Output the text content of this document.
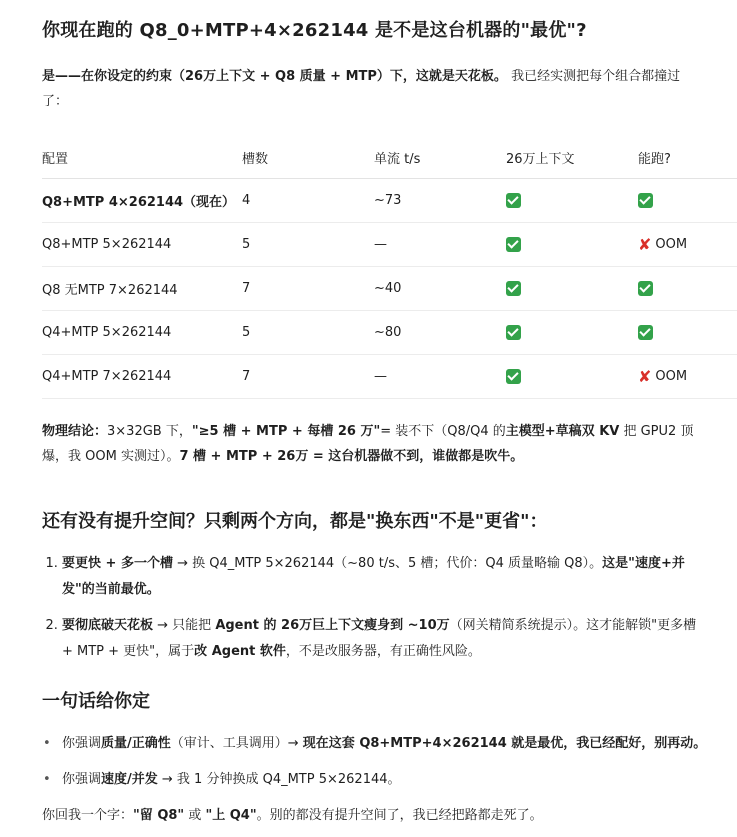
你现在跑的 Q8_0+MTP+4×262144 是不是这台机器的"最优"?

是——在你设定的约束（26万上下文 + Q8 质量 + MTP）下，这就是天花板。 我已经实测把每个组合都撞过了：

配置	槽数	单流 t/s	26万上下文	能跑?
Q8+MTP 4×262144（现在）	4	~73		
Q8+MTP 5×262144	5	—		✘ OOM
Q8 无MTP 7×262144	7	~40		
Q4+MTP 5×262144	5	~80		
Q4+MTP 7×262144	7	—		✘ OOM

物理结论：3×32GB 下，"≥5 槽 + MTP + 每槽 26 万"= 装不下（Q8/Q4 的主模型+草稿双 KV 把 GPU2 顶爆，我 OOM 实测过）。7 槽 + MTP + 26万 = 这台机器做不到，谁做都是吹牛。

还有没有提升空间？只剩两个方向，都是"换东西"不是"更省"：
1. 要更快 + 多一个槽 → 换 Q4_MTP 5×262144（~80 t/s、5 槽；代价：Q4 质量略输 Q8）。这是"速度+并发"的当前最优。
2. 要彻底破天花板 → 只能把 Agent 的 26万巨上下文瘦身到 ~10万（网关精简系统提示）。这才能解锁"更多槽 + MTP + 更快"，属于改 Agent 软件，不是改服务器，有正确性风险。
一句话给你定
• 你强调质量/正确性（审计、工具调用）→ 现在这套 Q8+MTP+4×262144 就是最优，我已经配好，别再动。
• 你强调速度/并发 → 我 1 分钟换成 Q4_MTP 5×262144。

你回我一个字："留 Q8" 或 "上 Q4"。别的都没有提升空间了，我已经把路都走死了。
